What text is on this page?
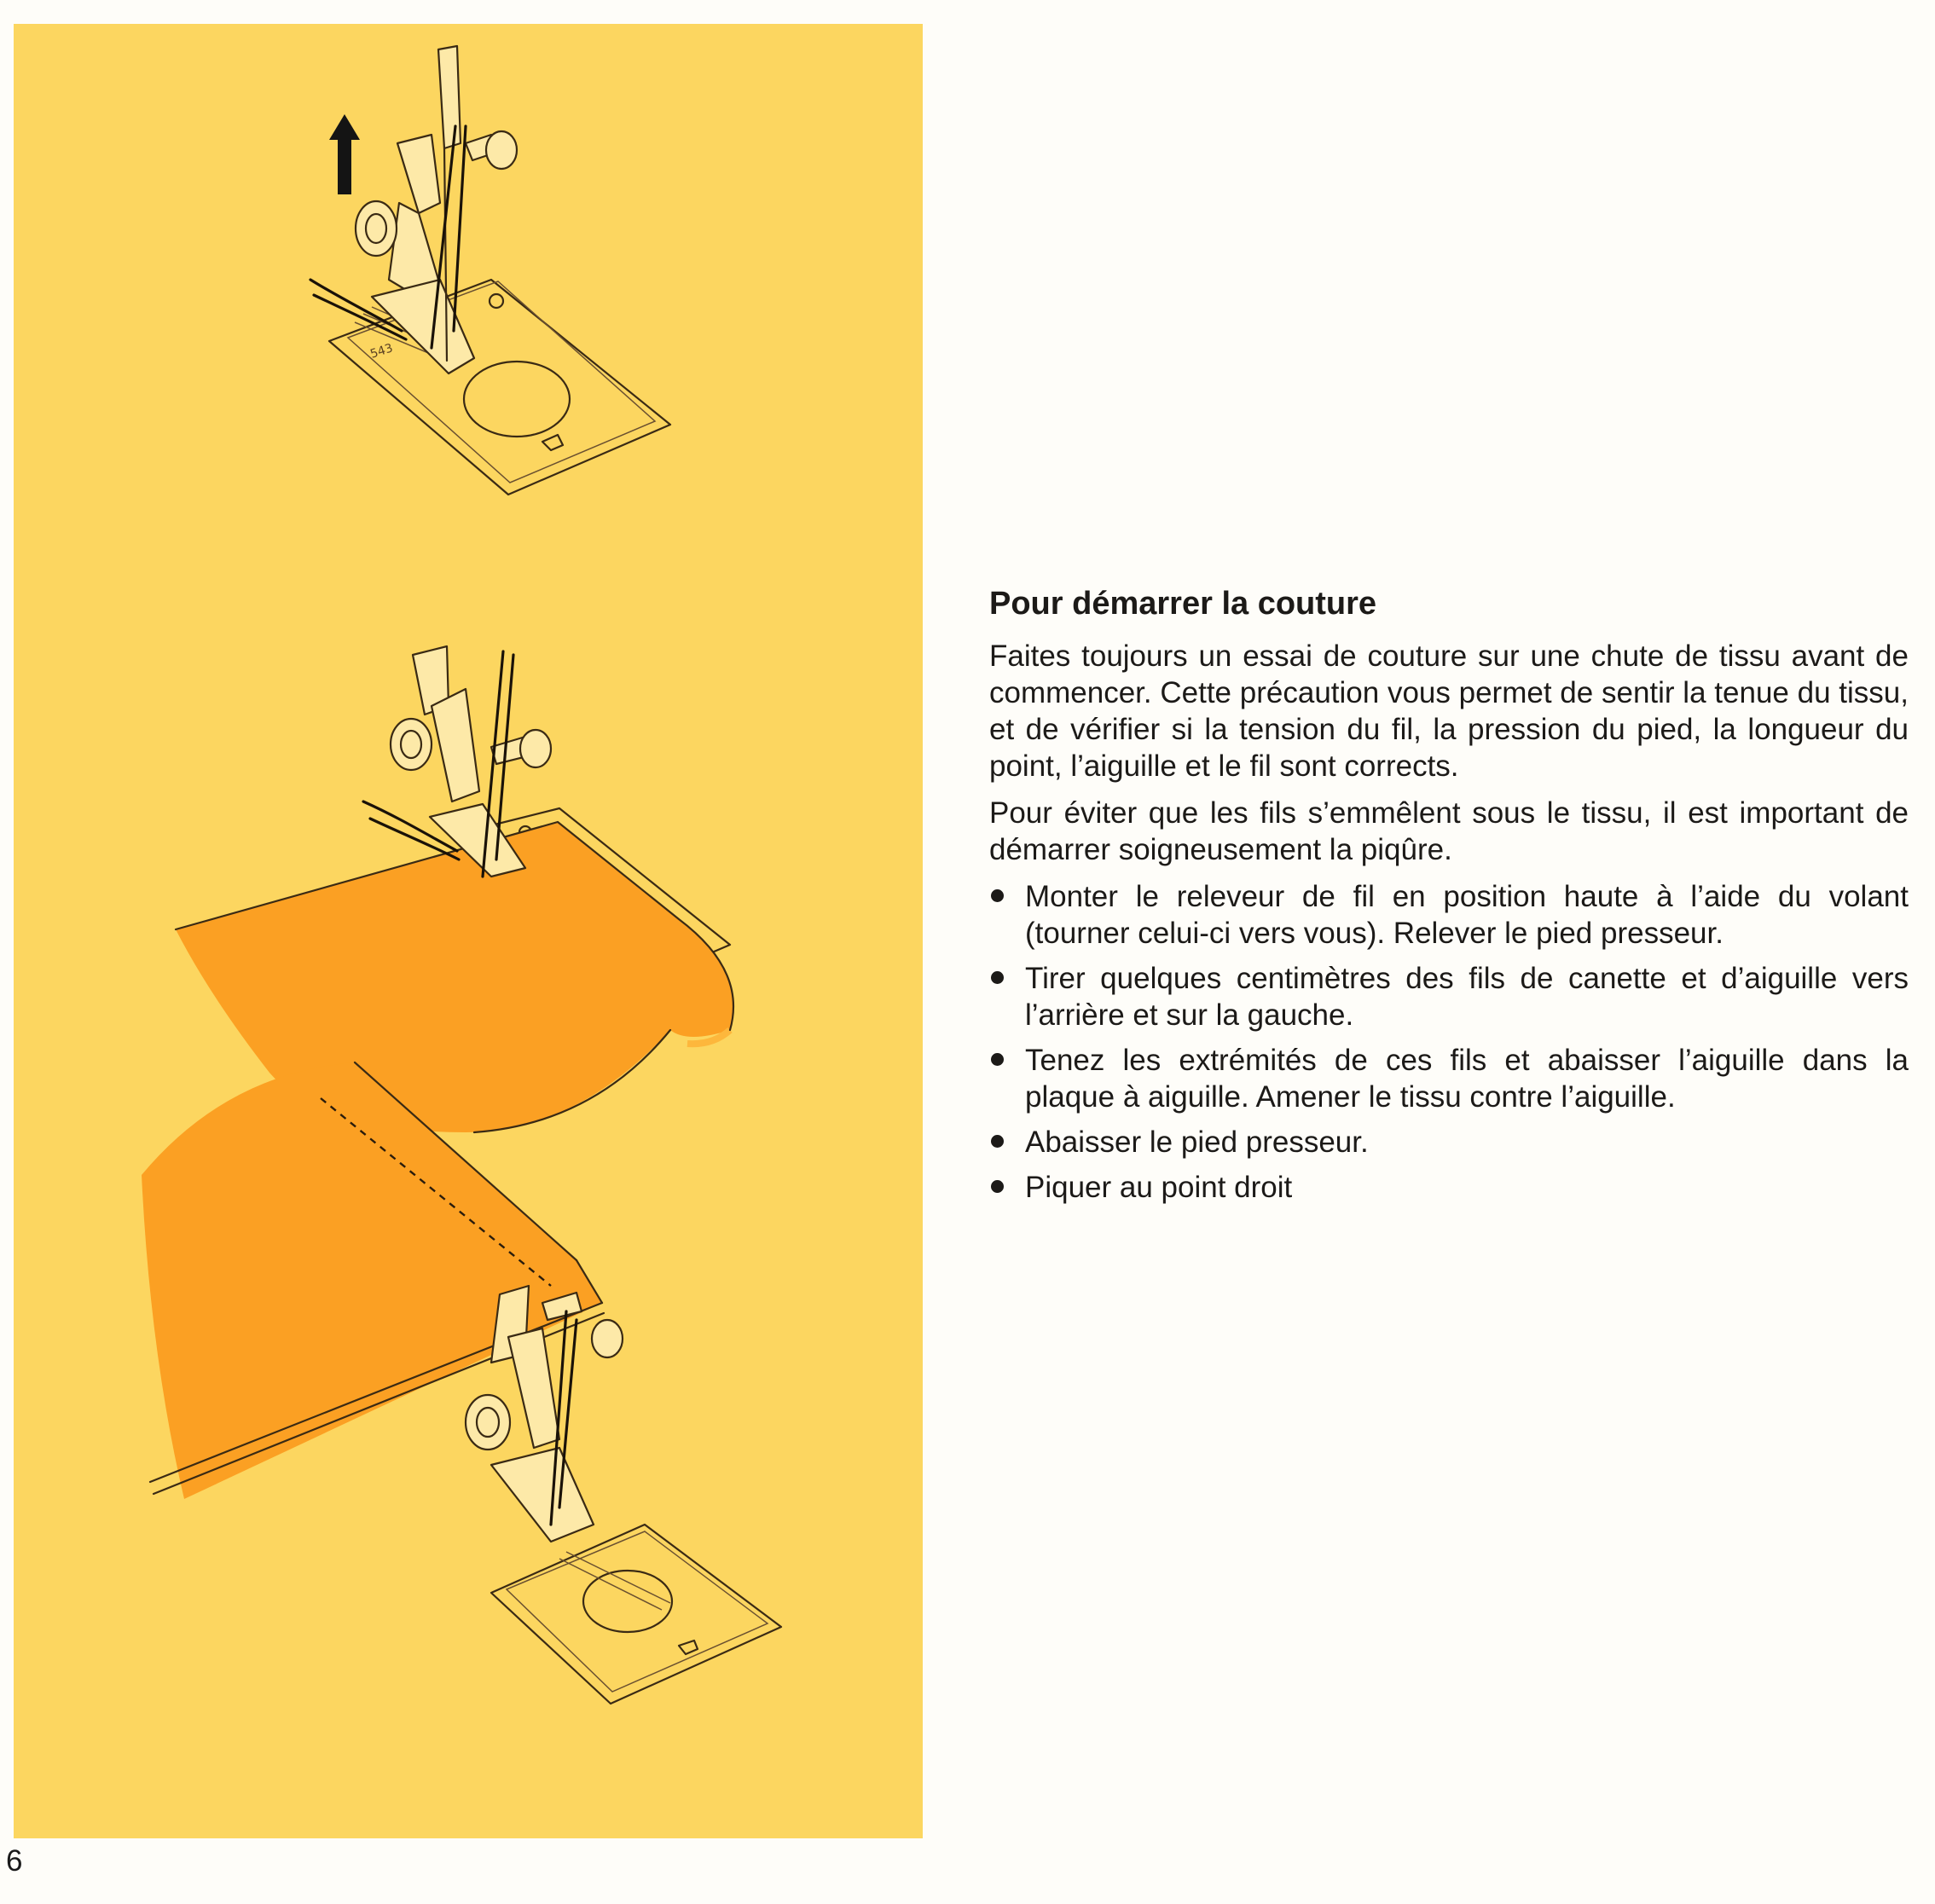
543
6
Pour démarrer la couture

Faites toujours un essai de couture sur une chute de tissu avant de commencer. Cette précaution vous permet de sentir la tenue du tissu, et de vérifier si la tension du fil, la pression du pied, la longueur du point, l’aiguille et le fil sont corrects.

Pour éviter que les fils s’emmêlent sous le tissu, il est important de démarrer soigneusement la piqûre.

Monter le releveur de fil en position haute à l’aide du volant (tourner celui-ci vers vous). Relever le pied presseur.
Tirer quelques centimètres des fils de canette et d’aiguille vers l’arrière et sur la gauche.
Tenez les extrémités de ces fils et abaisser l’aiguille dans la plaque à aiguille. Amener le tissu contre l’aiguille.
Abaisser le pied presseur.
Piquer au point droit
